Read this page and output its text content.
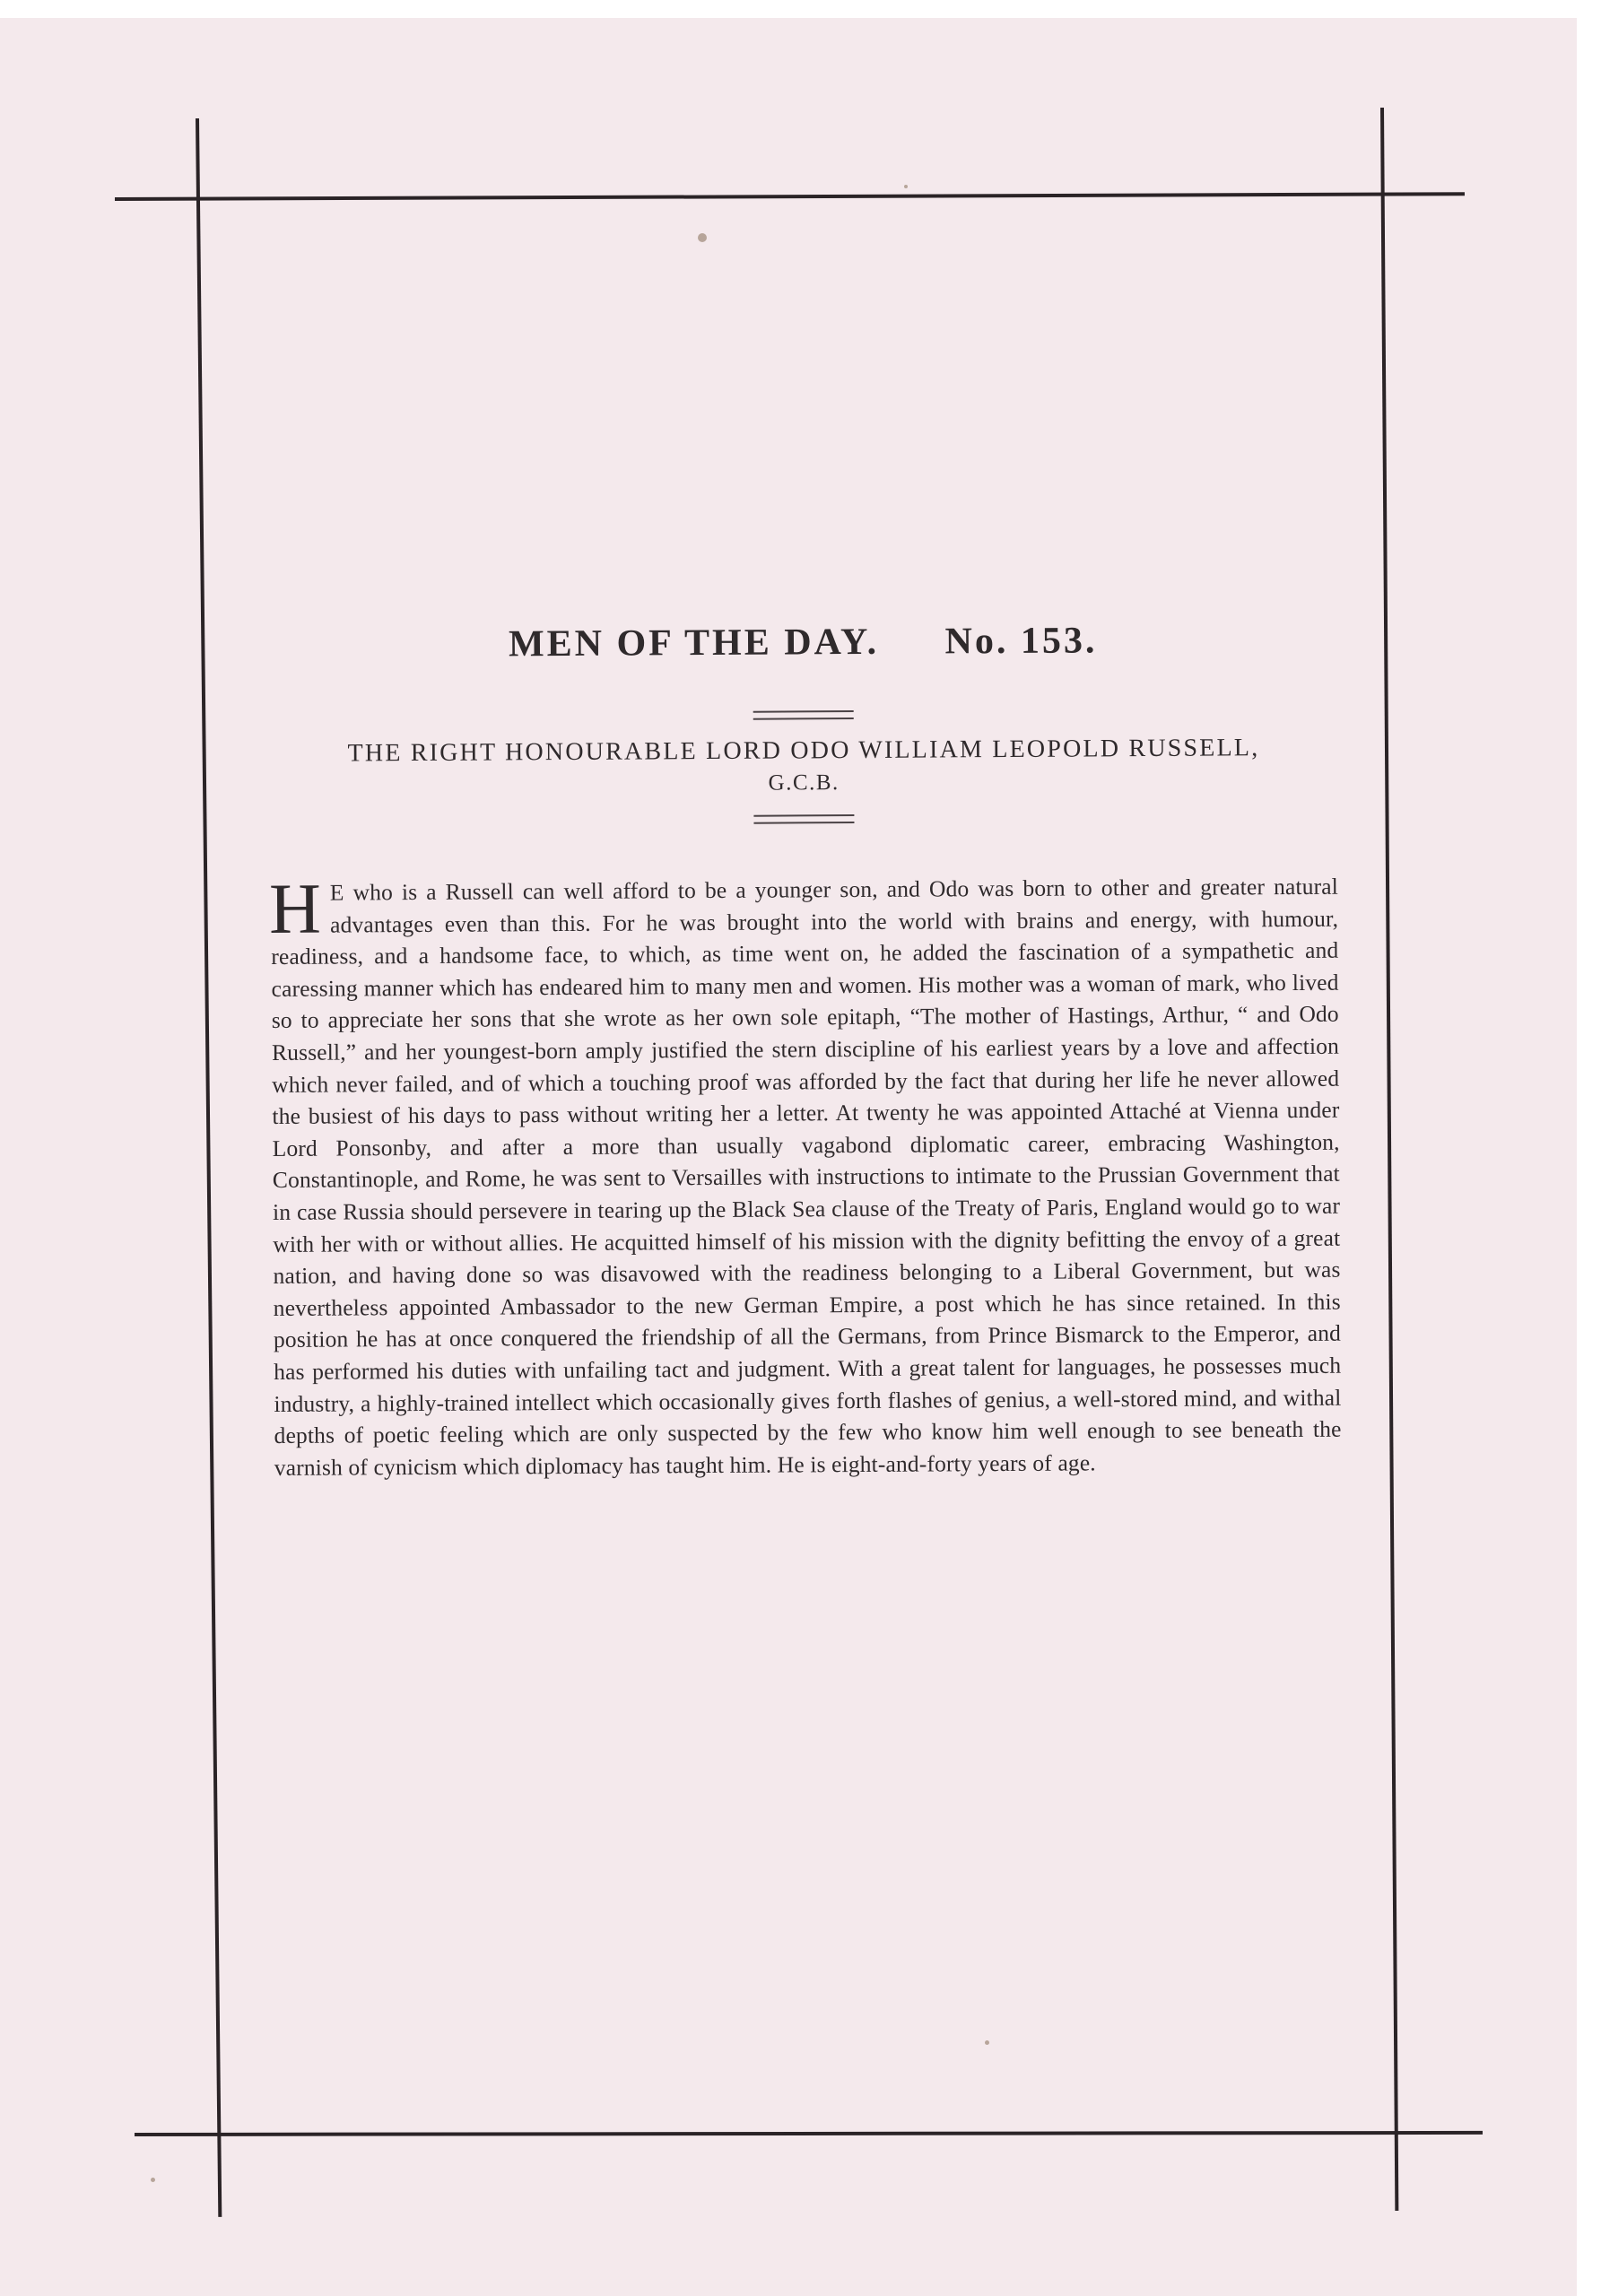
MEN OF THE DAY. No. 153.

THE RIGHT HONOURABLE LORD ODO WILLIAM LEOPOLD RUSSELL,

G.C.B.

H E who is a Russell can well afford to be a younger son, and Odo was born to other and greater natural advantages even than this. For he was brought into the world with brains and energy, with humour, readiness, and a handsome face, to which, as time went on, he added the fascination of a sympathetic and caressing manner which has endeared him to many men and women. His mother was a woman of mark, who lived so to appreciate her sons that she wrote as her own sole epitaph, “The mother of Hastings, Arthur, “ and Odo Russell,” and her youngest-born amply justified the stern discipline of his earliest years by a love and affection which never failed, and of which a touching proof was afforded by the fact that during her life he never allowed the busiest of his days to pass without writing her a letter. At twenty he was appointed Attaché at Vienna under Lord Ponsonby, and after a more than usually vagabond diplomatic career, embracing Washington, Constantinople, and Rome, he was sent to Versailles with instructions to intimate to the Prussian Government that in case Russia should persevere in tearing up the Black Sea clause of the Treaty of Paris, England would go to war with her with or without allies. He acquitted himself of his mission with the dignity befitting the envoy of a great nation, and having done so was disavowed with the readiness belonging to a Liberal Government, but was nevertheless appointed Ambassador to the new German Empire, a post which he has since retained. In this position he has at once conquered the friendship of all the Germans, from Prince Bismarck to the Emperor, and has performed his duties with unfailing tact and judgment. With a great talent for languages, he possesses much industry, a highly-trained intellect which occasionally gives forth flashes of genius, a well-stored mind, and withal depths of poetic feeling which are only suspected by the few who know him well enough to see beneath the varnish of cynicism which diplomacy has taught him. He is eight-and-forty years of age.
